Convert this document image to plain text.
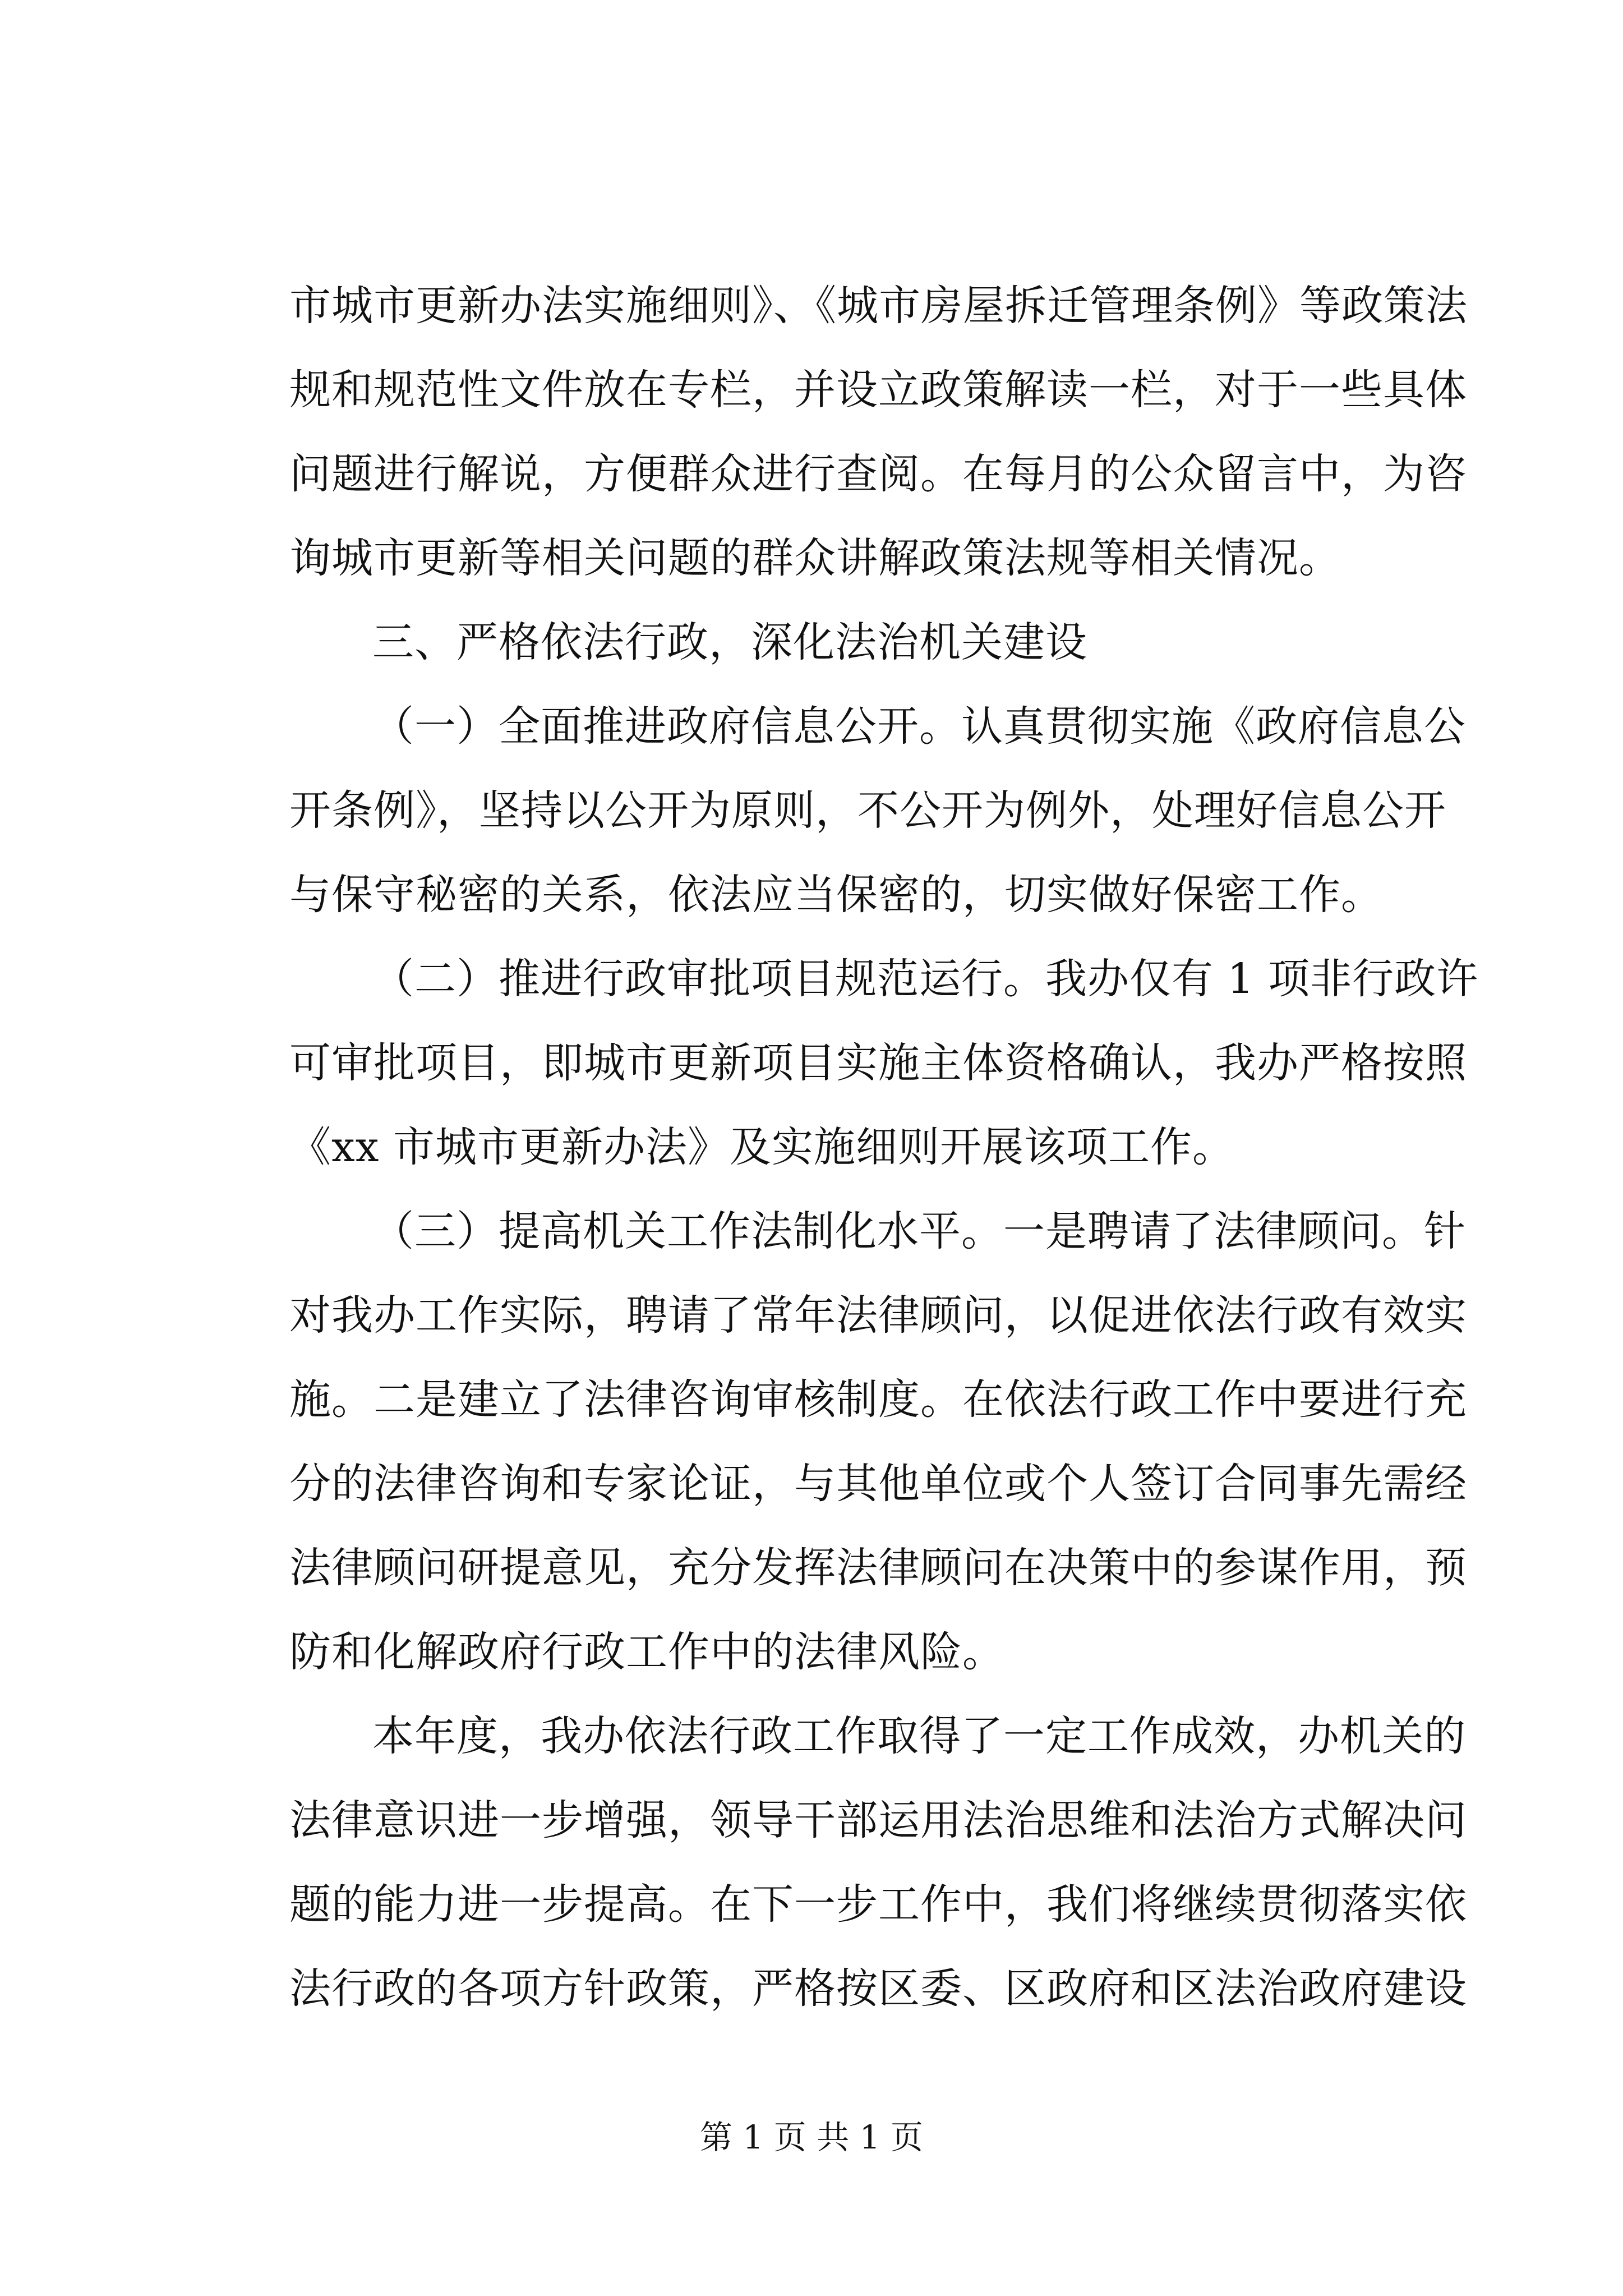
市城市更新办法实施细则》、《城市房屋拆迁管理条例》等政策法
规和规范性文件放在专栏，并设立政策解读一栏，对于一些具体
问题进行解说，方便群众进行查阅。在每月的公众留言中，为咨
询城市更新等相关问题的群众讲解政策法规等相关情况。
三、严格依法行政，深化法治机关建设
（一）全面推进政府信息公开。认真贯彻实施《政府信息公
开条例》，坚持以公开为原则，不公开为例外，处理好信息公开
与保守秘密的关系，依法应当保密的，切实做好保密工作。
（二）推进行政审批项目规范运行。我办仅有 1 项非行政许
可审批项目，即城市更新项目实施主体资格确认，我办严格按照
《xx 市城市更新办法》及实施细则开展该项工作。
（三）提高机关工作法制化水平。一是聘请了法律顾问。针
对我办工作实际，聘请了常年法律顾问，以促进依法行政有效实
施。二是建立了法律咨询审核制度。在依法行政工作中要进行充
分的法律咨询和专家论证，与其他单位或个人签订合同事先需经
法律顾问研提意见，充分发挥法律顾问在决策中的参谋作用，预
防和化解政府行政工作中的法律风险。
本年度，我办依法行政工作取得了一定工作成效，办机关的
法律意识进一步增强，领导干部运用法治思维和法治方式解决问
题的能力进一步提高。在下一步工作中，我们将继续贯彻落实依
法行政的各项方针政策，严格按区委、区政府和区法治政府建设
第 1 页 共 1 页
